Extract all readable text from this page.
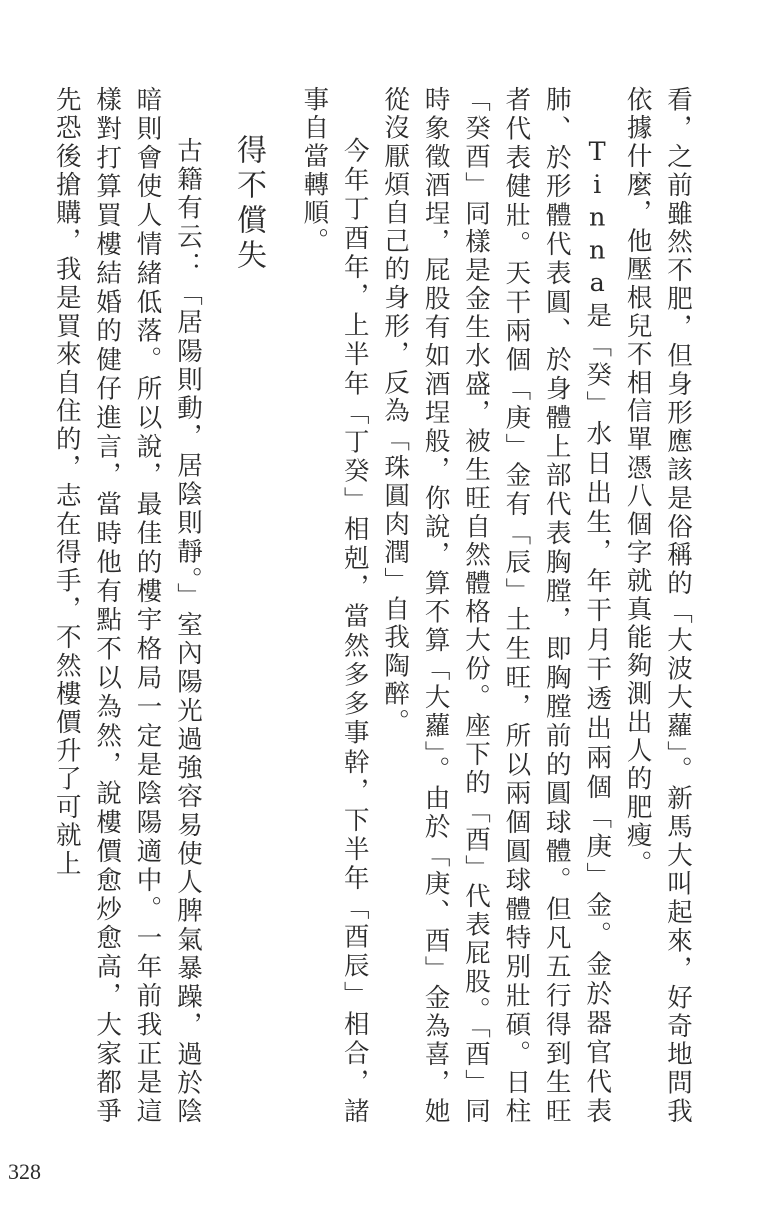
看，之前雖然不肥，但身形應該是俗稱的「大波大蘿」。新馬大叫起來，好奇地問我依據什麼，他壓根兒不相信單憑八個字就真能夠測出人的肥瘦。

Tinna是「癸」水日出生，年干月干透出兩個「庚」金。金於器官代表肺、於形體代表圓、於身體上部代表胸膛，即胸膛前的圓球體。但凡五行得到生旺者代表健壯。天干兩個「庚」金有「辰」土生旺，所以兩個圓球體特別壯碩。日柱「癸酉」同樣是金生水盛，被生旺自然體格大份。座下的「酉」代表屁股。「酉」同時象徵酒埕，屁股有如酒埕般，你說，算不算「大蘿」。由於「庚、酉」金為喜，她從沒厭煩自己的身形，反為「珠圓肉潤」自我陶醉。

今年丁酉年，上半年「丁癸」相剋，當然多多事幹，下半年「酉辰」相合，諸事自當轉順。

得不償失

古籍有云：「居陽則動，居陰則靜。」室內陽光過強容易使人脾氣暴躁，過於陰暗則會使人情緒低落。所以說，最佳的樓宇格局一定是陰陽適中。一年前我正是這樣對打算買樓結婚的健仔進言，當時他有點不以為然，說樓價愈炒愈高，大家都爭先恐後搶購，我是買來自住的，志在得手，不然樓價升了可就上

328
